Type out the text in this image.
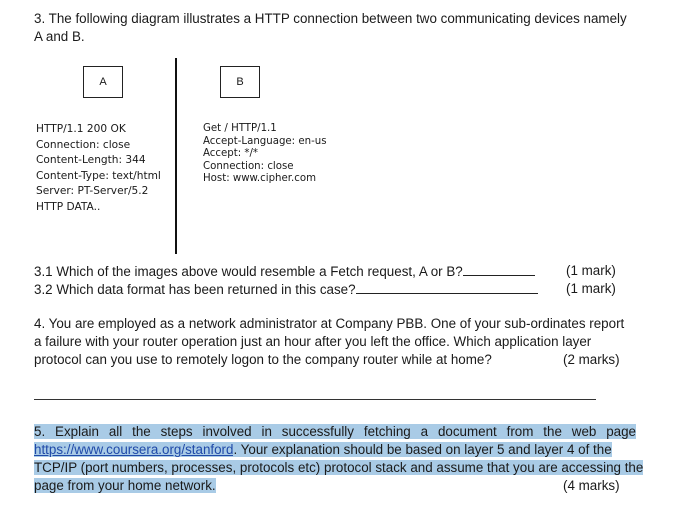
3. The following diagram illustrates a HTTP connection between two communicating devices namely
A and B.
A	B
HTTP/1.1 200 OK
Connection: close
Content-Length: 344
Content-Type: text/html
Server: PT-Server/5.2
HTTP DATA..
Get / HTTP/1.1
Accept-Language: en-us
Accept: */*
Connection: close
Host: www.cipher.com
3.1 Which of the images above would resemble a Fetch request, A or B?	(1 mark)
3.2 Which data format has been returned in this case?	(1 mark)
4. You are employed as a network administrator at Company PBB. One of your sub-ordinates report
a failure with your router operation just an hour after you left the office. Which application layer
protocol can you use to remotely logon to the company router while at home?	(2 marks)
5. Explain all the steps involved in successfully fetching a document from the web page
https://www.coursera.org/stanford. Your explanation should be based on layer 5 and layer 4 of the
TCP/IP (port numbers, processes, protocols etc) protocol stack and assume that you are accessing the
page from your home network.	(4 marks)
